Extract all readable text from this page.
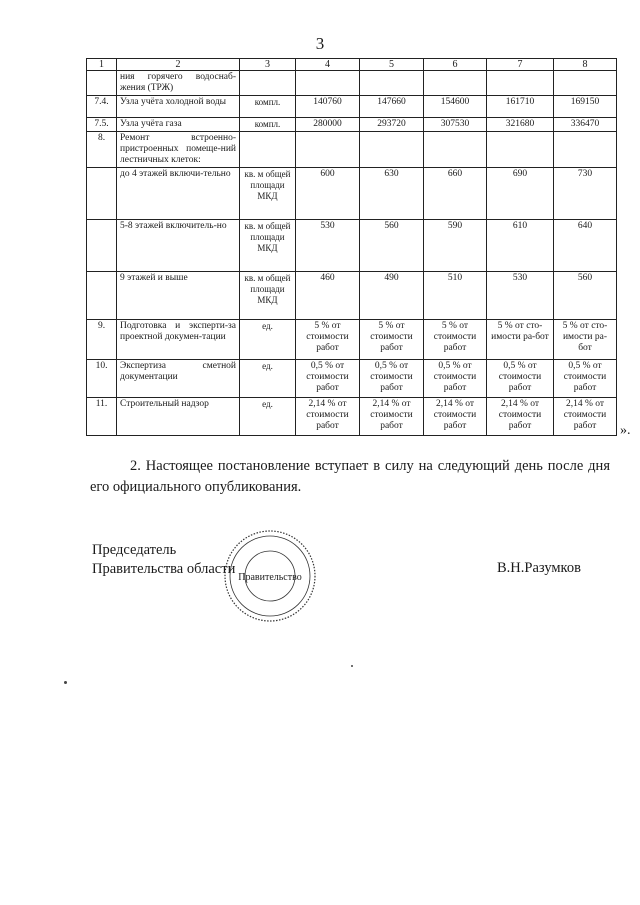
3
1	2	3	4	5	6	7	8
	ния горячего водоснаб-жения (ТРЖ)						
7.4.	Узла учёта холодной воды	компл.	140760	147660	154600	161710	169150
7.5.	Узла учёта газа	компл.	280000	293720	307530	321680	336470
8.	Ремонт встроенно-пристроенных помеще-ний лестничных клеток:						
	до 4 этажей включи-тельно	кв. м общей площади МКД	600	630	660	690	730
	5-8 этажей включитель-но	кв. м общей площади МКД	530	560	590	610	640
	9 этажей и выше	кв. м общей площади МКД	460	490	510	530	560
9.	Подготовка и эксперти-за проектной докумен-тации	ед.	5 % от стоимости работ	5 % от стоимости работ	5 % от стоимости работ	5 % от сто-имости ра-бот	5 % от сто-имости ра-бот
10.	Экспертиза сметной документации	ед.	0,5 % от стоимости работ	0,5 % от стоимости работ	0,5 % от стоимости работ	0,5 % от стоимости работ	0,5 % от стоимости работ
11.	Строительный надзор	ед.	2,14 % от стоимости работ	2,14 % от стоимости работ	2,14 % от стоимости работ	2,14 % от стоимости работ	2,14 % от стоимости работ ».
2. Настоящее постановление вступает в силу на следующий день после дня его официального опубликования.
Председатель
Правительства области
Правительство
В.Н.Разумков
